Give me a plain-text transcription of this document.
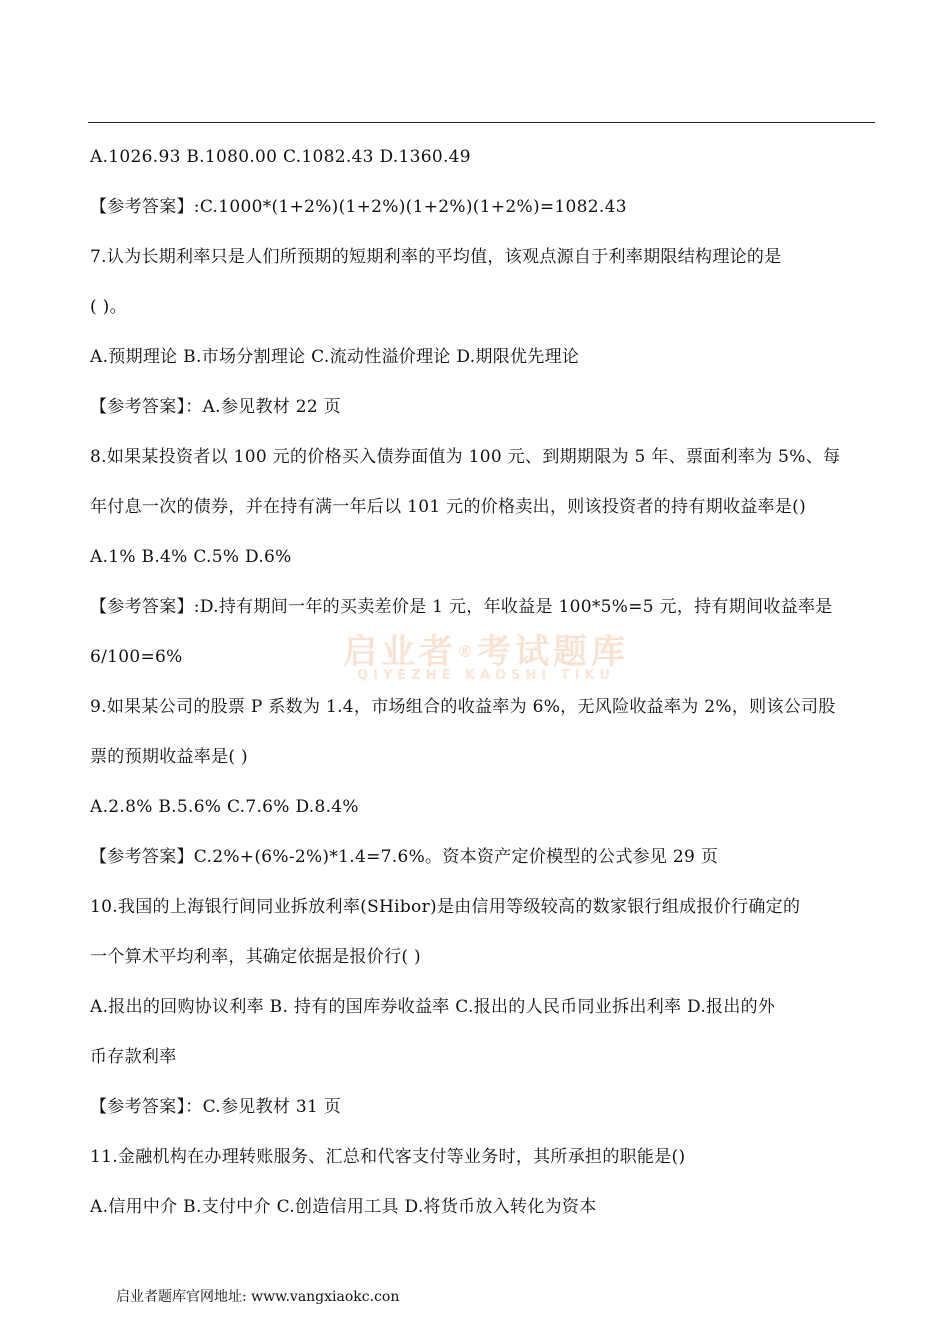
A.1026.93 B.1080.00 C.1082.43 D.1360.49
【参考答案】:C.1000*(1+2%)(1+2%)(1+2%)(1+2%)=1082.43
7.认为长期利率只是人们所预期的短期利率的平均值，该观点源自于利率期限结构理论的是
( )。
A.预期理论 B.市场分割理论 C.流动性溢价理论 D.期限优先理论
【参考答案】：A.参见教材 22 页
8.如果某投资者以 100 元的价格买入债券面值为 100 元、到期期限为 5 年、票面利率为 5%、每
年付息一次的债券，并在持有满一年后以 101 元的价格卖出，则该投资者的持有期收益率是()
A.1% B.4% C.5% D.6%
【参考答案】:D.持有期间一年的买卖差价是 1 元，年收益是 100*5%=5 元，持有期间收益率是
6/100=6%
9.如果某公司的股票 P 系数为 1.4，市场组合的收益率为 6%，无风险收益率为 2%，则该公司股
票的预期收益率是( )
A.2.8% B.5.6% C.7.6% D.8.4%
【参考答案】C.2%+(6%-2%)*1.4=7.6%。资本资产定价模型的公式参见 29 页
10.我国的上海银行间同业拆放利率(SHibor)是由信用等级较高的数家银行组成报价行确定的
一个算术平均利率，其确定依据是报价行( )
A.报出的回购协议利率 B. 持有的国库券收益率 C.报出的人民币同业拆出利率 D.报出的外
币存款利率
【参考答案】：C.参见教材 31 页
11.金融机构在办理转账服务、汇总和代客支付等业务时，其所承担的职能是()
A.信用中介 B.支付中介 C.创造信用工具 D.将货币放入转化为资本
启业者®考试题库
QIYEZHE KAOSHI TIKU
启业者题库官网地址: www.vangxiaokc.con
